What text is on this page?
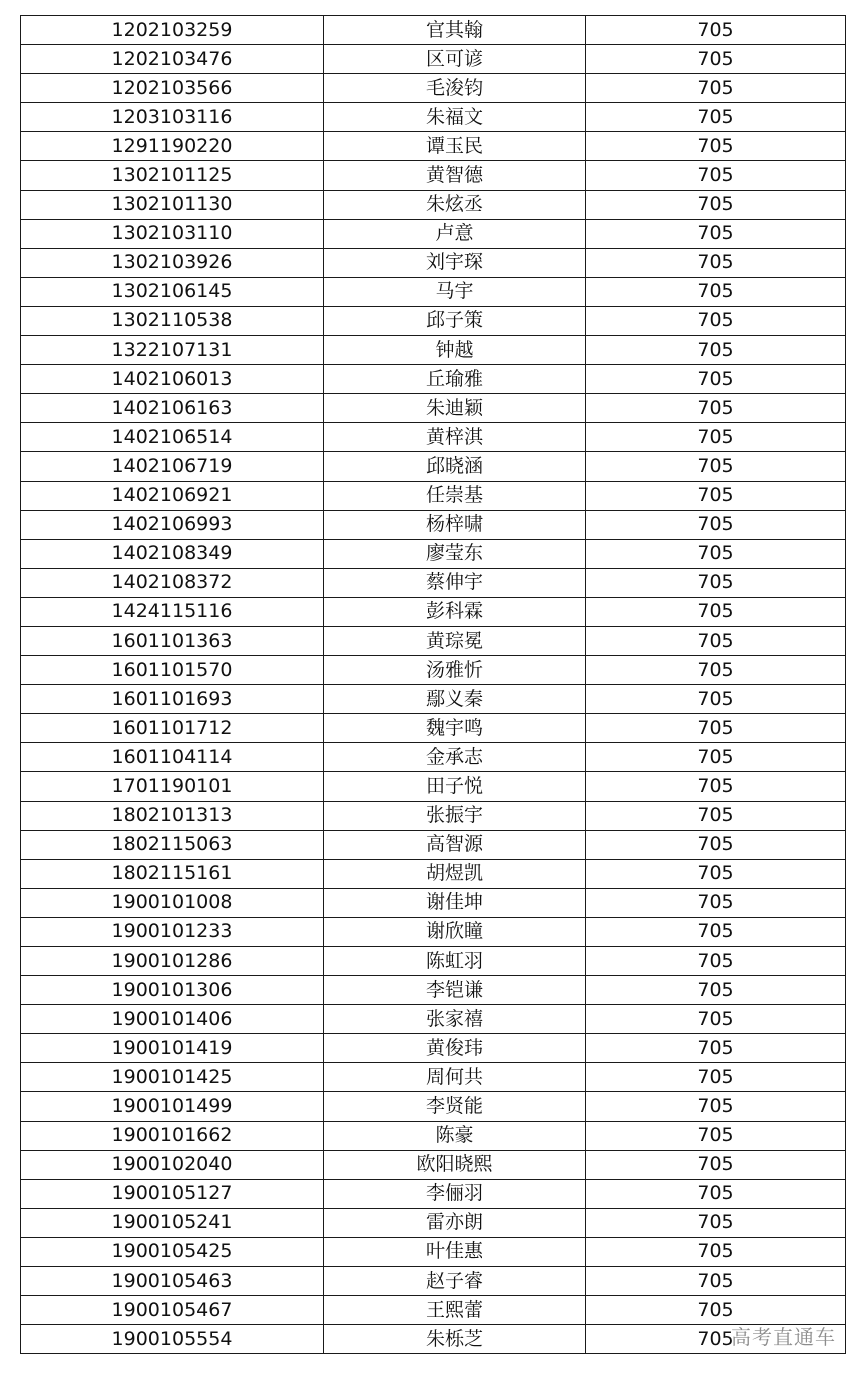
1202103259	官其翰	705
1202103476	区可谚	705
1202103566	毛浚钧	705
1203103116	朱福文	705
1291190220	谭玉民	705
1302101125	黄智德	705
1302101130	朱炫丞	705
1302103110	卢意	705
1302103926	刘宇琛	705
1302106145	马宇	705
1302110538	邱子策	705
1322107131	钟越	705
1402106013	丘瑜雅	705
1402106163	朱迪颖	705
1402106514	黄梓淇	705
1402106719	邱晓涵	705
1402106921	任崇基	705
1402106993	杨梓啸	705
1402108349	廖莹东	705
1402108372	蔡伸宇	705
1424115116	彭科霖	705
1601101363	黄琮冕	705
1601101570	汤雅忻	705
1601101693	鄢义秦	705
1601101712	魏宇鸣	705
1601104114	金承志	705
1701190101	田子悦	705
1802101313	张振宇	705
1802115063	高智源	705
1802115161	胡煜凯	705
1900101008	谢佳坤	705
1900101233	谢欣瞳	705
1900101286	陈虹羽	705
1900101306	李铠谦	705
1900101406	张家禧	705
1900101419	黄俊玮	705
1900101425	周何共	705
1900101499	李贤能	705
1900101662	陈豪	705
1900102040	欧阳晓熙	705
1900105127	李俪羽	705
1900105241	雷亦朗	705
1900105425	叶佳惠	705
1900105463	赵子睿	705
1900105467	王熙蕾	705
1900105554	朱栎芝	705
高考直通车
